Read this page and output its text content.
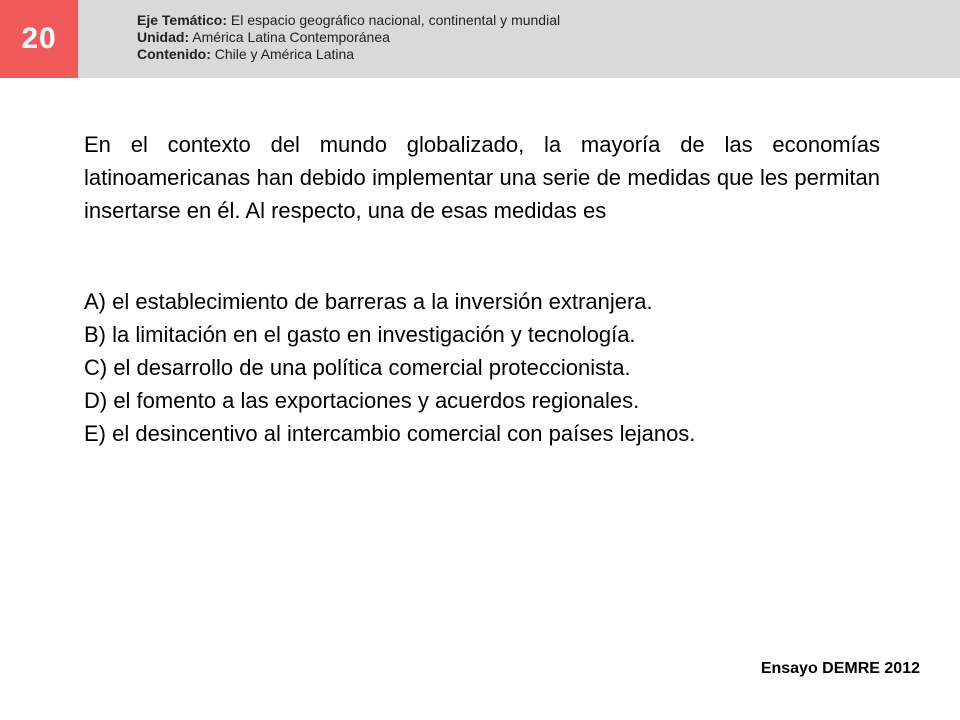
20
Eje Temático: El espacio geográfico nacional, continental y mundial
Unidad: América Latina Contemporánea
Contenido: Chile y América Latina
En el contexto del mundo globalizado, la mayoría de las economías latinoamericanas han debido implementar una serie de medidas que les permitan insertarse en él. Al respecto, una de esas medidas es
A) el establecimiento de barreras a la inversión extranjera.
B) la limitación en el gasto en investigación y tecnología.
C) el desarrollo de una política comercial proteccionista.
D) el fomento a las exportaciones y acuerdos regionales.
E) el desincentivo al intercambio comercial con países lejanos.
Ensayo DEMRE 2012
